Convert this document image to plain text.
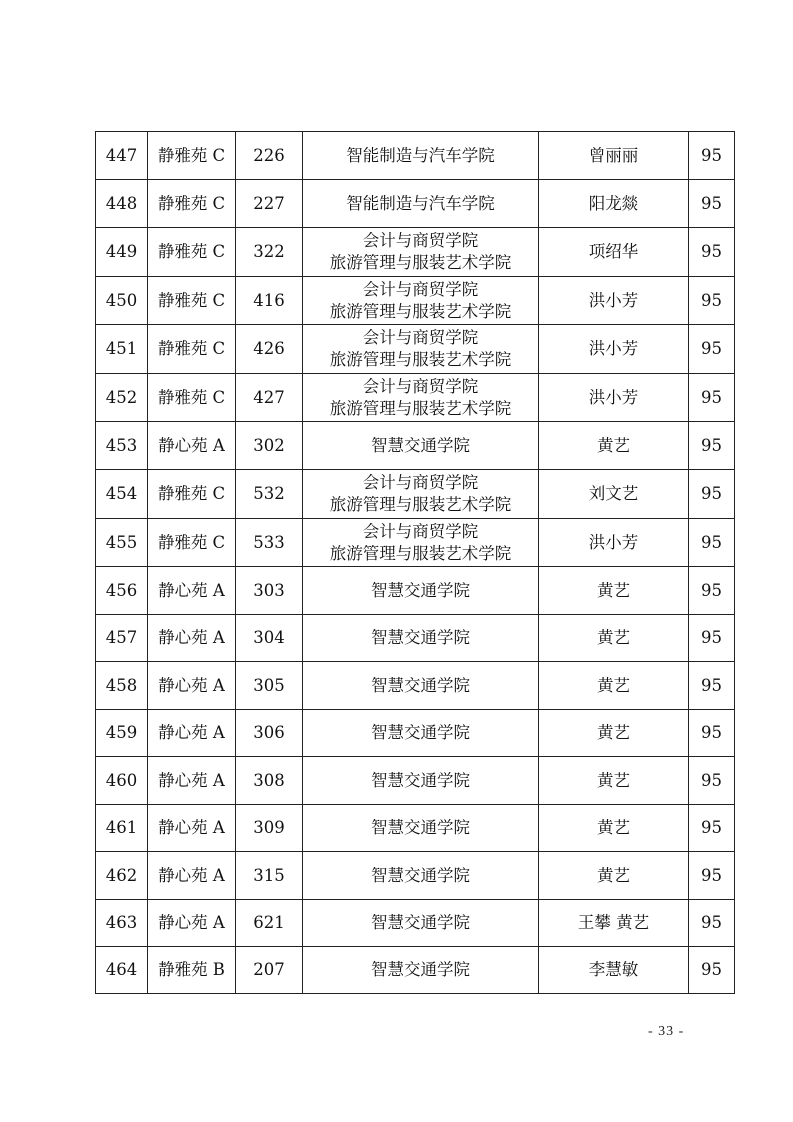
447	静雅苑 C	226	智能制造与汽车学院	曾丽丽	95
448	静雅苑 C	227	智能制造与汽车学院	阳龙燚	95
449	静雅苑 C	322	会计与商贸学院
旅游管理与服装艺术学院	项绍华	95
450	静雅苑 C	416	会计与商贸学院
旅游管理与服装艺术学院	洪小芳	95
451	静雅苑 C	426	会计与商贸学院
旅游管理与服装艺术学院	洪小芳	95
452	静雅苑 C	427	会计与商贸学院
旅游管理与服装艺术学院	洪小芳	95
453	静心苑 A	302	智慧交通学院	黄艺	95
454	静雅苑 C	532	会计与商贸学院
旅游管理与服装艺术学院	刘文艺	95
455	静雅苑 C	533	会计与商贸学院
旅游管理与服装艺术学院	洪小芳	95
456	静心苑 A	303	智慧交通学院	黄艺	95
457	静心苑 A	304	智慧交通学院	黄艺	95
458	静心苑 A	305	智慧交通学院	黄艺	95
459	静心苑 A	306	智慧交通学院	黄艺	95
460	静心苑 A	308	智慧交通学院	黄艺	95
461	静心苑 A	309	智慧交通学院	黄艺	95
462	静心苑 A	315	智慧交通学院	黄艺	95
463	静心苑 A	621	智慧交通学院	王攀 黄艺	95
464	静雅苑 B	207	智慧交通学院	李慧敏	95
- 33 -
